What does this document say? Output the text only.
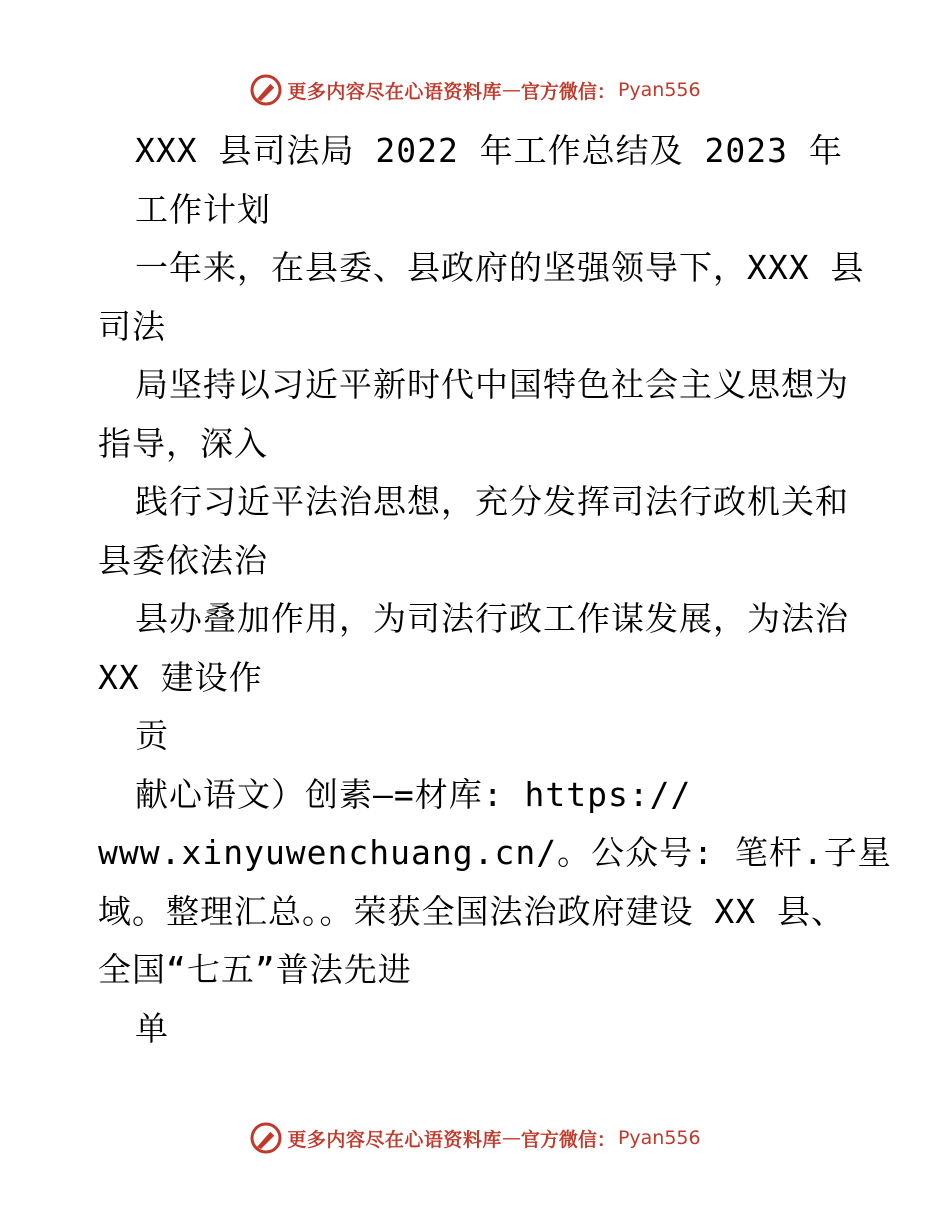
更多内容尽在心语资料库 — 官方微信： Pyan556
XXX 县司法局 2022 年工作总结及 2023 年
工作计划
一年来，在县委、县政府的坚强领导下，XXX 县
司法
局坚持以习近平新时代中国特色社会主义思想为
指导，深入
践行习近平法治思想，充分发挥司法行政机关和
县委依法治
县办叠加作用，为司法行政工作谋发展，为法治
XX 建设作
贡
献心语文）创素—=材库: https://
www.xinyuwenchuang.cn/。公众号: 笔杆.子星
域。整理汇总。。荣获全国法治政府建设 XX 县、
全国“七五”普法先进
单
更多内容尽在心语资料库 — 官方微信： Pyan556
